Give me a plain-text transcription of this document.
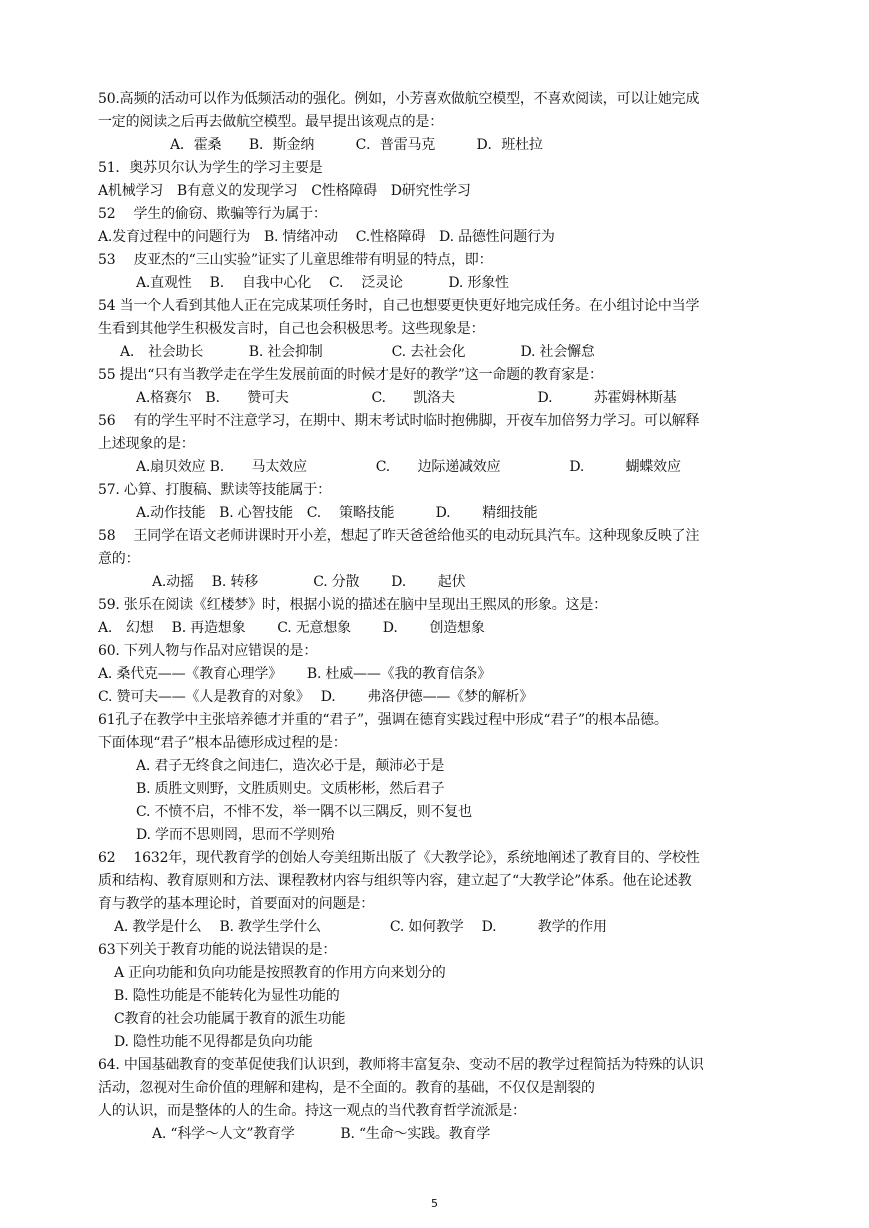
50.高频的活动可以作为低频活动的强化。例如，小芳喜欢做航空模型，不喜欢阅读，可以让她完成
一定的阅读之后再去做航空模型。最早提出该观点的是：
A．霍桑　　B．斯金纳　　　C．普雷马克　　　D．班杜拉
51．奥苏贝尔认为学生的学习主要是
A机械学习　B有意义的发现学习　C性格障碍　D研究性学习
52　 学生的偷窃、欺骗等行为属于：
A.发育过程中的问题行为　B. 情绪冲动　 C.性格障碍　D. 品德性问题行为
53　 皮亚杰的“三山实验”证实了儿童思维带有明显的特点，即：
A.直观性　 B.　 自我中心化　 C.　 泛灵论　　　 D. 形象性
54 当一个人看到其他人正在完成某项任务时，自己也想要更快更好地完成任务。在小组讨论中当学
生看到其他学生积极发言时，自己也会积极思考。这些现象是：
A.　社会助长　　　 B. 社会抑制　　　　　C. 去社会化　　　　D. 社会懈怠
55 提出“只有当教学走在学生发展前面的时候才是好的教学”这一命题的教育家是：
A.格赛尔　B.　　赞可夫　　　　　　C.　　凯洛夫　　　　　　D.　　　苏霍姆林斯基
56　 有的学生平时不注意学习，在期中、期末考试时临时抱佛脚，开夜车加倍努力学习。可以解释
上述现象的是：
A.扇贝效应 B.　　马太效应　　　　　C.　　边际递减效应　　　　　D.　　　蝴蝶效应
57. 心算、打腹稿、默读等技能属于：
A.动作技能　B. 心智技能　C.　 策略技能　　　D.　　 精细技能
58　 王同学在语文老师讲课时开小差，想起了昨天爸爸给他买的电动玩具汽车。这种现象反映了注
意的：
A.动摇　 B. 转移　　　　C. 分散　　 D.　　 起伏
59. 张乐在阅读《红楼梦》时，根据小说的描述在脑中呈现出王熙凤的形象。这是：
A.　幻想　 B. 再造想象　　 C. 无意想象　　 D.　　 创造想象
60. 下列人物与作品对应错误的是：
A. 桑代克——《教育心理学》　　 B. 杜威——《我的教育信条》
C. 赞可夫——《人是教育的对象》　 D.　　 弗洛伊德——《梦的解析》
61孔子在教学中主张培养德才并重的“君子”，强调在德育实践过程中形成“君子”的根本品德。
下面体现“君子”根本品德形成过程的是：
A. 君子无终食之间违仁，造次必于是，颠沛必于是
B. 质胜文则野，文胜质则史。文质彬彬，然后君子
C. 不愤不启，不悱不发，举一隅不以三隅反，则不复也
D. 学而不思则罔，思而不学则殆
62　 1632年，现代教育学的创始人夸美纽斯出版了《大教学论》，系统地阐述了教育目的、学校性
质和结构、教育原则和方法、课程教材内容与组织等内容，建立起了“大教学论”体系。他在论述教
育与教学的基本理论时，首要面对的问题是：
A. 教学是什么　 B. 教学生学什么　　　　　C. 如何教学　 D.　　　教学的作用
63下列关于教育功能的说法错误的是：
A 正向功能和负向功能是按照教育的作用方向来划分的
B. 隐性功能是不能转化为显性功能的
C教育的社会功能属于教育的派生功能
D. 隐性功能不见得都是负向功能
64. 中国基础教育的变革促使我们认识到，教师将丰富复杂、变动不居的教学过程简括为特殊的认识
活动，忽视对生命价值的理解和建构，是不全面的。教育的基础，不仅仅是割裂的
人的认识，而是整体的人的生命。持这一观点的当代教育哲学流派是：
A. “科学～人文”教育学　　　 B. “生命～实践。教育学
5
